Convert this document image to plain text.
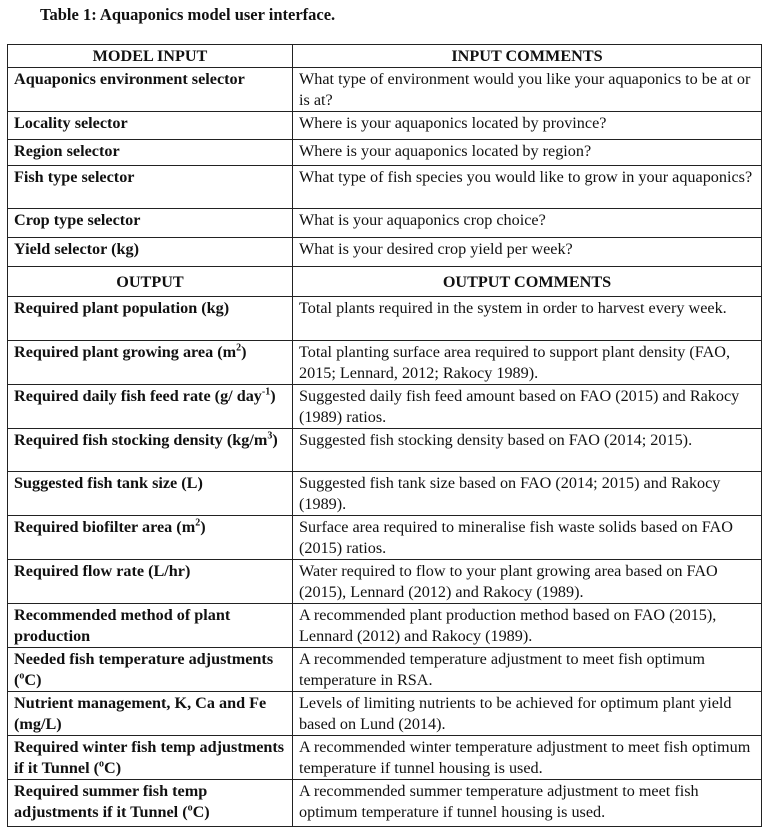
Table 1: Aquaponics model user interface.
MODEL INPUT	INPUT COMMENTS
Aquaponics environment selector	What type of environment would you like your aquaponics to be at or is at?
Locality selector	Where is your aquaponics located by province?
Region selector	Where is your aquaponics located by region?
Fish type selector	What type of fish species you would like to grow in your aquaponics?
Crop type selector	What is your aquaponics crop choice?
Yield selector (kg)	What is your desired crop yield per week?
OUTPUT	OUTPUT COMMENTS
Required plant population (kg)	Total plants required in the system in order to harvest every week.
Required plant growing area $(m^2)$	Total planting surface area required to support plant density (FAO, 2015; Lennard, 2012; Rakocy 1989).
Required daily fish feed rate (g/ day$^{-1}$)	Suggested daily fish feed amount based on FAO (2015) and Rakocy (1989) ratios.
Required fish stocking density $(kg/m^3)$	Suggested fish stocking density based on FAO (2014; 2015).
Suggested fish tank size (L)	Suggested fish tank size based on FAO (2014; 2015) and Rakocy (1989).
Required biofilter area $(m^2)$	Surface area required to mineralise fish waste solids based on FAO (2015) ratios.
Required flow rate (L/hr)	Water required to flow to your plant growing area based on FAO (2015), Lennard (2012) and Rakocy (1989).
Recommended method of plant production	A recommended plant production method based on FAO (2015), Lennard (2012) and Rakocy (1989).
Needed fish temperature adjustments ($^o$C)	A recommended temperature adjustment to meet fish optimum temperature in RSA.
Nutrient management, K, Ca and Fe (mg/L)	Levels of limiting nutrients to be achieved for optimum plant yield based on Lund (2014).
Required winter fish temp adjustments if it Tunnel ($^o$C)	A recommended winter temperature adjustment to meet fish optimum temperature if tunnel housing is used.
Required summer fish temp adjustments if it Tunnel ($^o$C)	A recommended summer temperature adjustment to meet fish optimum temperature if tunnel housing is used.
